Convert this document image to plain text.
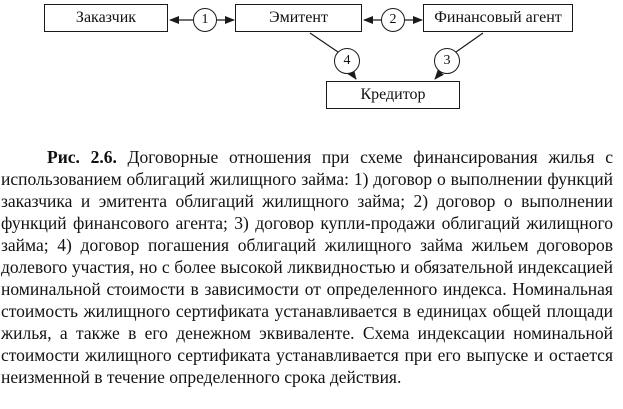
Заказчик	Эмитент	Финансовый агент
Кредитор
1	2
3
4

Рис. 2.6. Договорные отношения при схеме финансирования жилья с использованием облигаций жилищного займа: 1) договор о выполнении функций заказчика и эмитента облигаций жилищного займа; 2) договор о выполнении функций финансового агента; 3) договор купли-продажи облигаций жилищного займа; 4) договор погашения облигаций жилищного займа жильем договоров долевого участия, но с более высокой ликвидностью и обязательной индексацией номинальной стоимости в зависимости от определенного индекса. Номинальная стоимость жилищного сертификата устанавливается в единицах общей площади жилья, а также в его денежном эквиваленте. Схема индексации номинальной стоимости жилищного сертификата устанавливается при его выпуске и остается неизменной в течение определенного срока действия.
